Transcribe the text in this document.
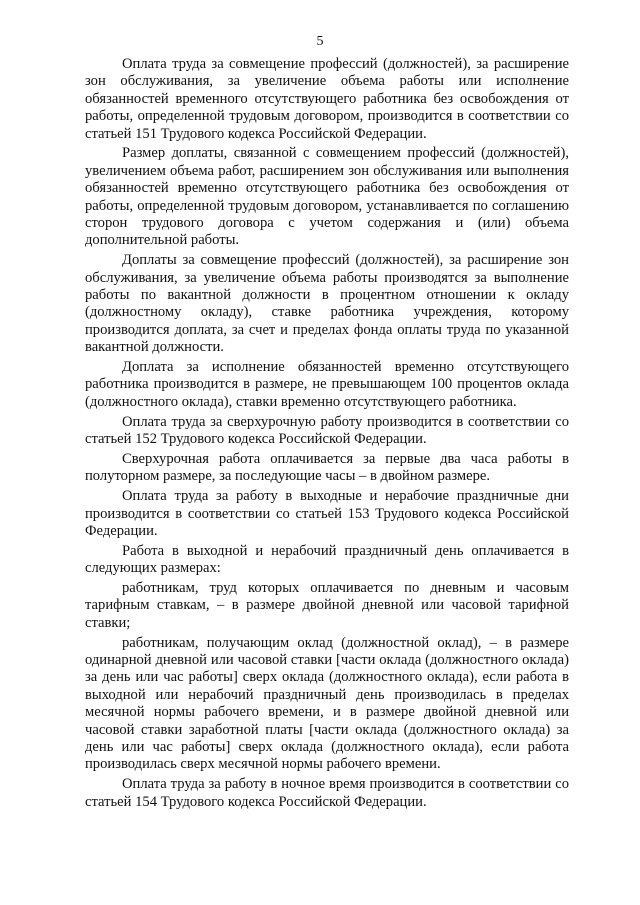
5

Оплата труда за совмещение профессий (должностей), за расширение зон обслуживания, за увеличение объема работы или исполнение обязанностей временного отсутствующего работника без освобождения от работы, определенной трудовым договором, производится в соответствии со статьей 151 Трудового кодекса Российской Федерации.

Размер доплаты, связанной с совмещением профессий (должностей), увеличением объема работ, расширением зон обслуживания или выполнения обязанностей временно отсутствующего работника без освобождения от работы, определенной трудовым договором, устанавливается по соглашению сторон трудового договора с учетом содержания и (или) объема дополнительной работы.

Доплаты за совмещение профессий (должностей), за расширение зон обслуживания, за увеличение объема работы производятся за выполнение работы по вакантной должности в процентном отношении к окладу (должностному окладу), ставке работника учреждения, которому производится доплата, за счет и пределах фонда оплаты труда по указанной вакантной должности.

Доплата за исполнение обязанностей временно отсутствующего работника производится в размере, не превышающем 100 процентов оклада (должностного оклада), ставки временно отсутствующего работника.

Оплата труда за сверхурочную работу производится в соответствии со статьей 152 Трудового кодекса Российской Федерации.

Сверхурочная работа оплачивается за первые два часа работы в полуторном размере, за последующие часы – в двойном размере.

Оплата труда за работу в выходные и нерабочие праздничные дни производится в соответствии со статьей 153 Трудового кодекса Российской Федерации.

Работа в выходной и нерабочий праздничный день оплачивается в следующих размерах:

работникам, труд которых оплачивается по дневным и часовым тарифным ставкам, – в размере двойной дневной или часовой тарифной ставки;

работникам, получающим оклад (должностной оклад), – в размере одинарной дневной или часовой ставки [части оклада (должностного оклада) за день или час работы] сверх оклада (должностного оклада), если работа в выходной или нерабочий праздничный день производилась в пределах месячной нормы рабочего времени, и в размере двойной дневной или часовой ставки заработной платы [части оклада (должностного оклада) за день или час работы] сверх оклада (должностного оклада), если работа производилась сверх месячной нормы рабочего времени.

Оплата труда за работу в ночное время производится в соответствии со статьей 154 Трудового кодекса Российской Федерации.
